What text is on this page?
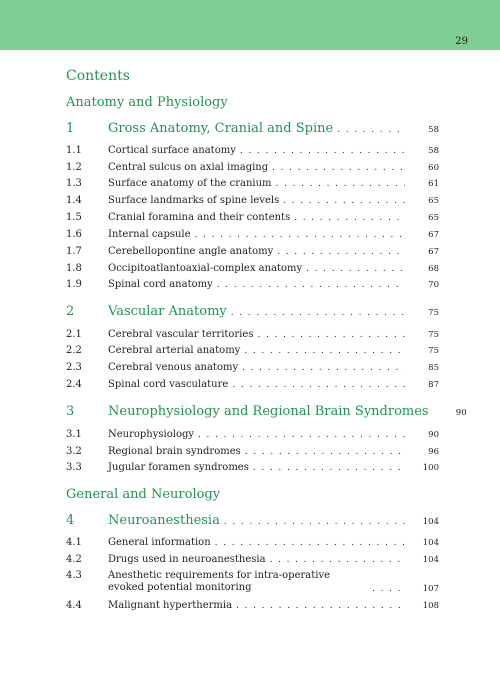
29
Contents
Anatomy and Physiology
1	Gross Anatomy, Cranial and Spine . . .	58
1.1	Cortical surface anatomy . . .	58
1.2	Central sulcus on axial imaging . . .	60
1.3	Surface anatomy of the cranium . . .	61
1.4	Surface landmarks of spine levels . . .	65
1.5	Cranial foramina and their contents . . .	65
1.6	Internal capsule . . .	67
1.7	Cerebellopontine angle anatomy . . .	67
1.8	Occipitoatlantoaxial-complex anatomy . . .	68
1.9	Spinal cord anatomy . . .	70
2	Vascular Anatomy . . .	75
2.1	Cerebral vascular territories . . .	75
2.2	Cerebral arterial anatomy . . .	75
2.3	Cerebral venous anatomy . . .	85
2.4	Spinal cord vasculature . . .	87
3	Neurophysiology and Regional Brain Syndromes	90
3.1	Neurophysiology . . .	90
3.2	Regional brain syndromes . . .	96
3.3	Jugular foramen syndromes . . .	100
General and Neurology
4	Neuroanesthesia . . .	104
4.1	General information . . .	104
4.2	Drugs used in neuroanesthesia . . .	104
4.3	Anesthetic requirements for intra-operative evoked potential monitoring . . .	107
4.4	Malignant hyperthermia . . .	108
